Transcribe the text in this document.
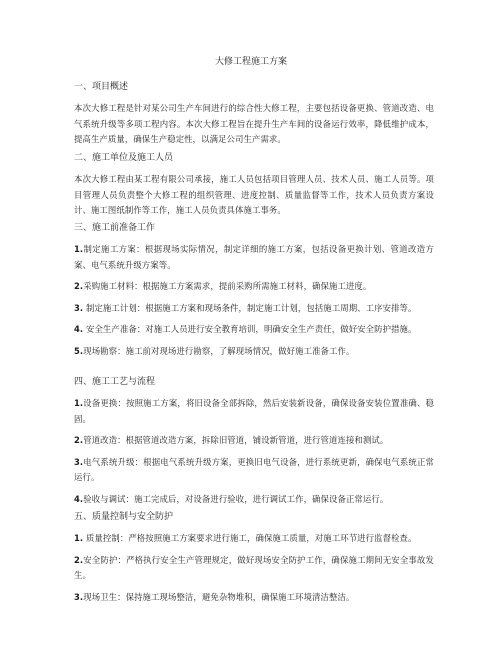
大修工程施工方案

一、项目概述

本次大修工程是针对某公司生产车间进行的综合性大修工程，主要包括设备更换、管道改造、电气系统升级等多项工程内容。本次大修工程旨在提升生产车间的设备运行效率，降低维护成本，提高生产质量，确保生产稳定性，以满足公司生产需求。

二、施工单位及施工人员

本次大修工程由某工程有限公司承接，施工人员包括项目管理人员、技术人员、施工人员等。项目管理人员负责整个大修工程的组织管理、进度控制、质量监督等工作，技术人员负责方案设计、施工图纸制作等工作，施工人员负责具体施工事务。

三、施工前准备工作

1.制定施工方案：根据现场实际情况，制定详细的施工方案，包括设备更换计划、管道改造方案、电气系统升级方案等。

2.采购施工材料：根据施工方案需求，提前采购所需施工材料，确保施工进度。

3. 制定施工计划：根据施工方案和现场条件，制定施工计划，包括施工周期、工序安排等。

4. 安全生产准备：对施工人员进行安全教育培训，明确安全生产责任，做好安全防护措施。

5.现场勘察：施工前对现场进行勘察，了解现场情况，做好施工准备工作。

四、施工工艺与流程

1.设备更换：按照施工方案，将旧设备全部拆除，然后安装新设备，确保设备安装位置准确、稳固。

2.管道改造：根据管道改造方案，拆除旧管道，铺设新管道，进行管道连接和测试。

3.电气系统升级：根据电气系统升级方案，更换旧电气设备，进行系统更新，确保电气系统正常运行。

4.验收与调试：施工完成后，对设备进行验收，进行调试工作，确保设备正常运行。

五、质量控制与安全防护

1. 质量控制：严格按照施工方案要求进行施工，确保施工质量，对施工环节进行监督检查。

2.安全防护：严格执行安全生产管理规定，做好现场安全防护工作，确保施工期间无安全事故发生。

3.现场卫生：保持施工现场整洁，避免杂物堆积，确保施工环境清洁整洁。
